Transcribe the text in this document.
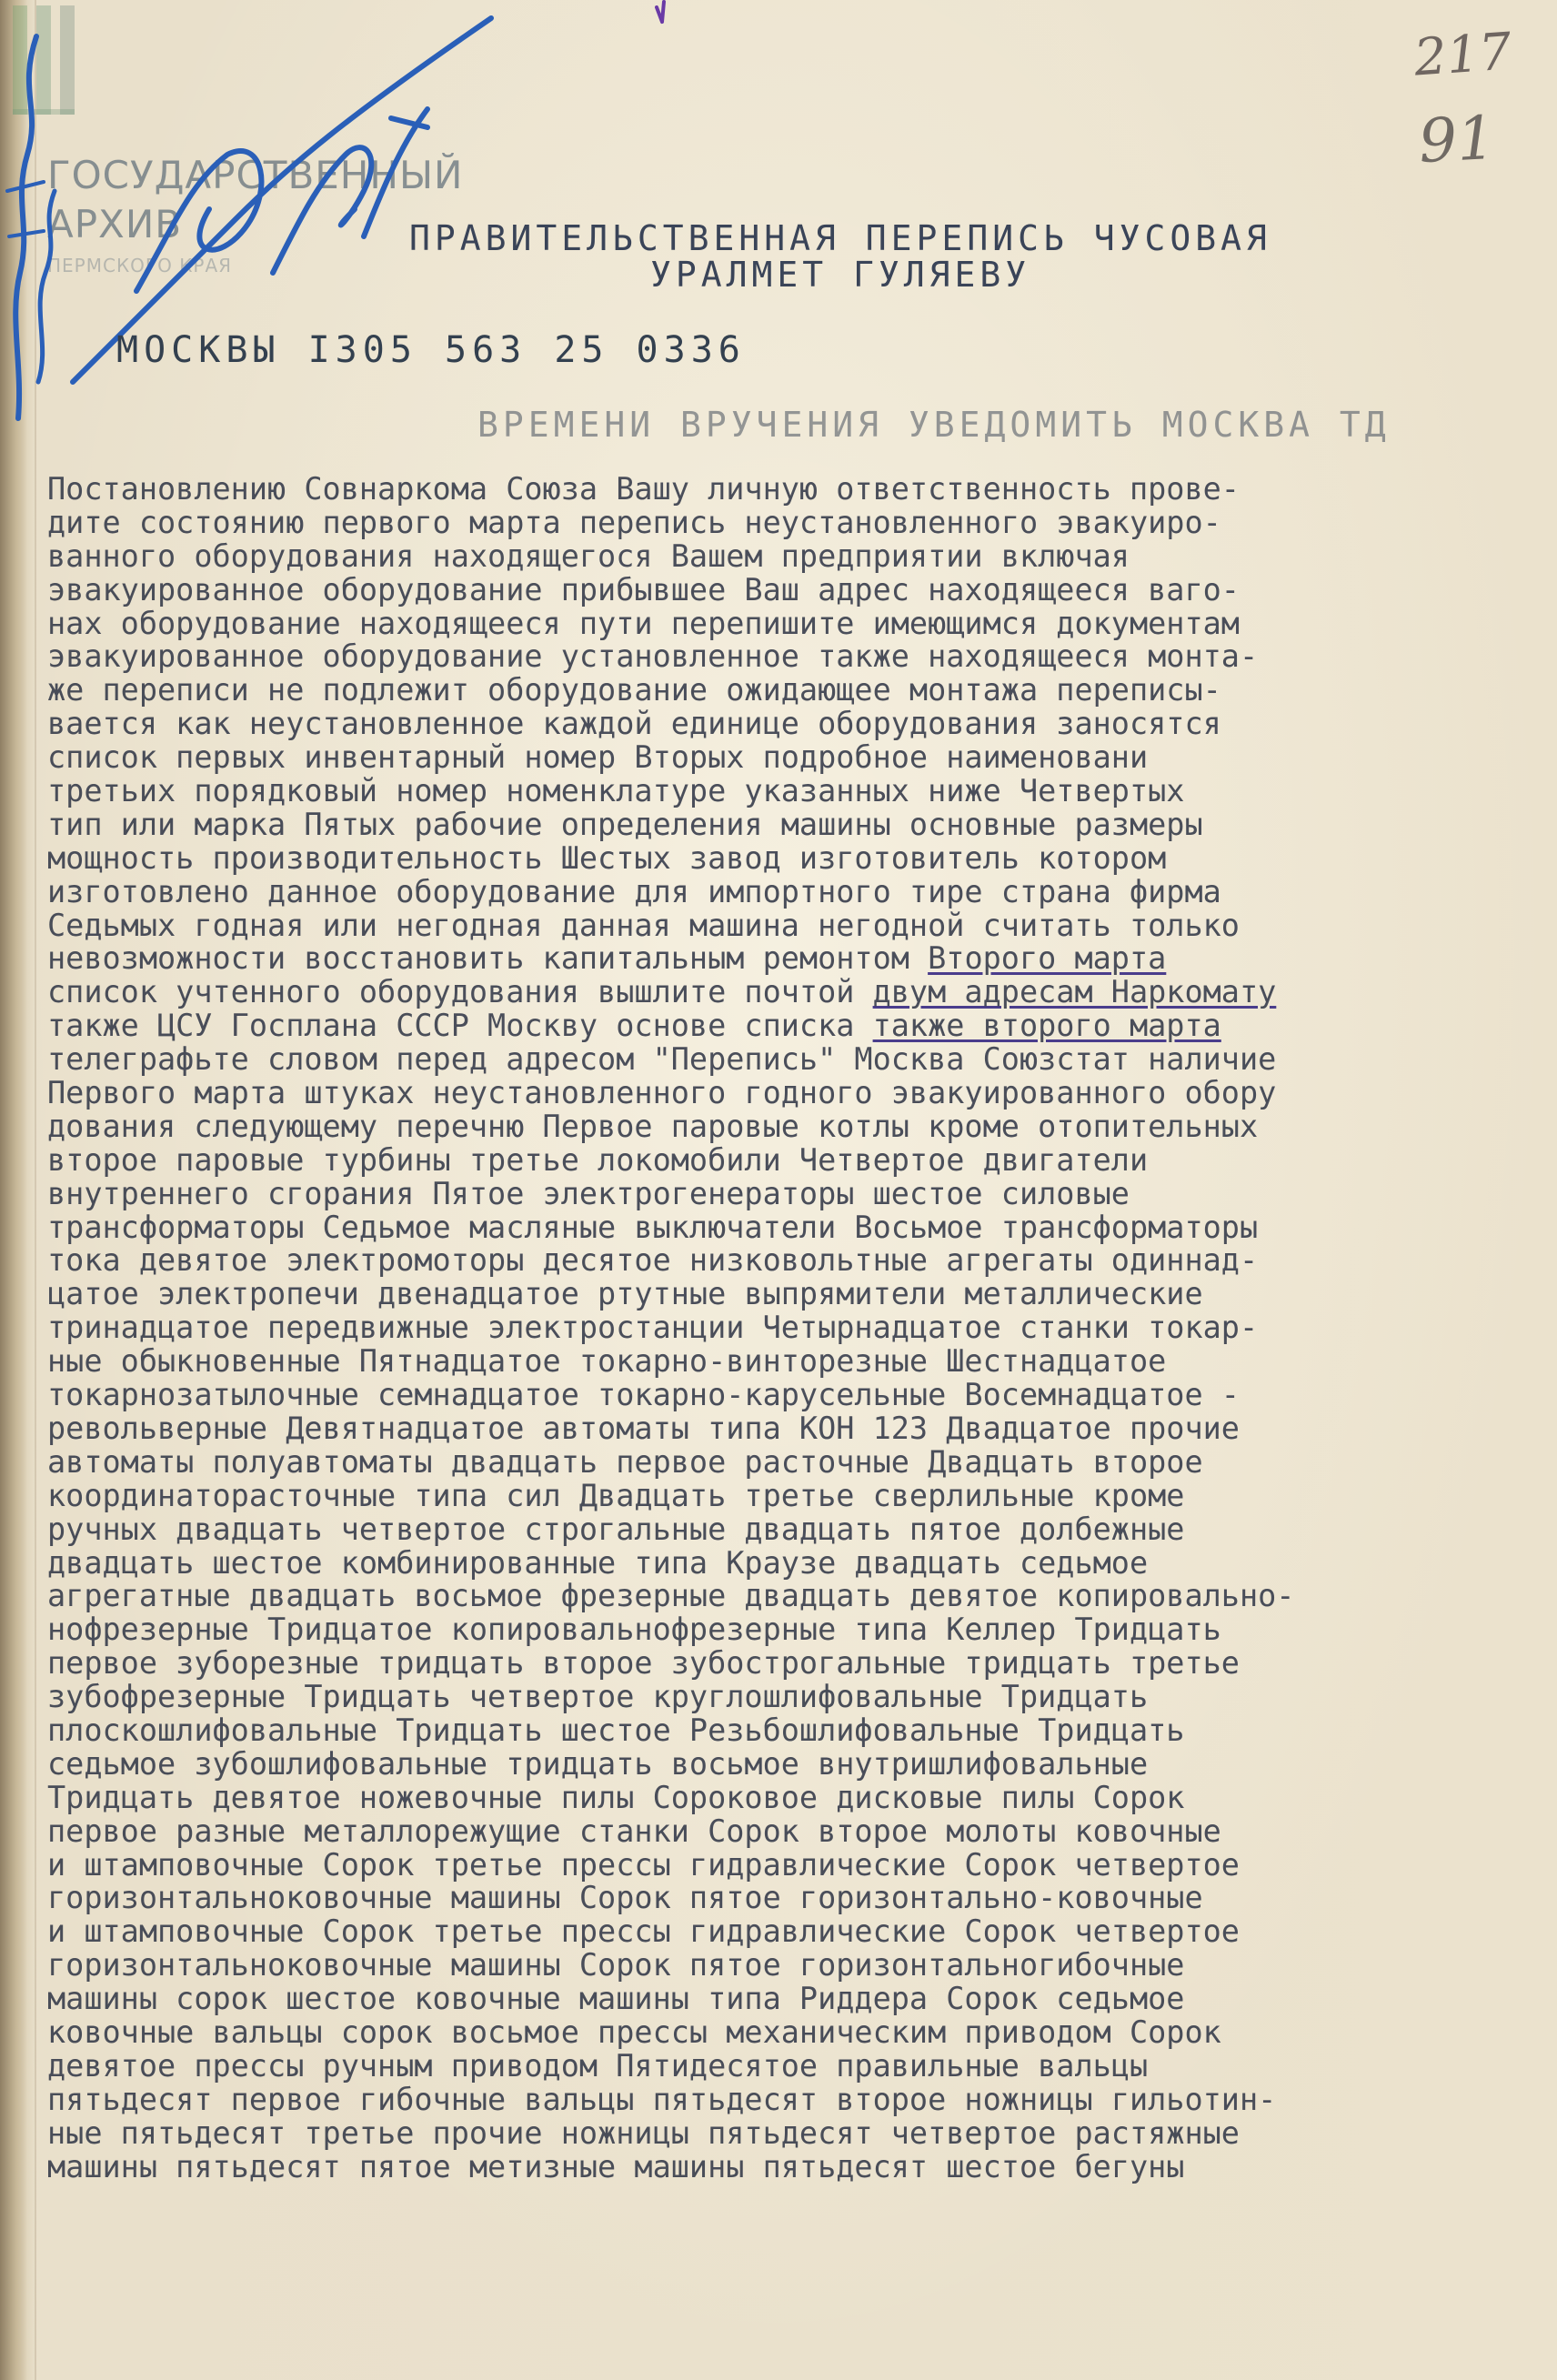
ГОСУДАРСТВЕННЫЙ
АРХИВ
ПЕРМСКОГО КРАЯ
217
91
ПРАВИТЕЛЬСТВЕННАЯ ПЕРЕПИСЬ ЧУСОВАЯ
УРАЛМЕТ ГУЛЯЕВУ
МОСКВЫ I305 563 25 0336
ВРЕМЕНИ ВРУЧЕНИЯ УВЕДОМИТЬ МОСКВА ТД
Постановлению Совнаркома Союза Вашу личную ответственность прове-
дите состоянию первого марта перепись неустановленного эвакуиро-
ванного оборудования находящегося Вашем предприятии включая
эвакуированное оборудование прибывшее Ваш адрес находящееся ваго-
нах оборудование находящееся пути перепишите имеющимся документам
эвакуированное оборудование установленное также находящееся монта-
же переписи не подлежит оборудование ожидающее монтажа переписы-
вается как неустановленное каждой единице оборудования заносятся
список первых инвентарный номер Вторых подробное наименовани
третьих порядковый номер номенклатуре указанных ниже Четвертых
тип или марка Пятых рабочие определения машины основные размеры
мощность производительность Шестых завод изготовитель котором
изготовлено данное оборудование для импортного тире страна фирма
Седьмых годная или негодная данная машина негодной считать только
невозможности восстановить капитальным ремонтом Второго марта
список учтенного оборудования вышлите почтой двум адресам Наркомату
также ЦСУ Госплана СССР Москву основе списка также второго марта
телеграфьте словом перед адресом "Перепись" Москва Союзстат наличие
Первого марта штуках неустановленного годного эвакуированного обору
дования следующему перечню Первое паровые котлы кроме отопительных
второе паровые турбины третье локомобили Четвертое двигатели
внутреннего сгорания Пятое электрогенераторы шестое силовые
трансформаторы Седьмое масляные выключатели Восьмое трансформаторы
тока девятое электромоторы десятое низковольтные агрегаты одиннад-
цатое электропечи двенадцатое ртутные выпрямители металлические
тринадцатое передвижные электростанции Четырнадцатое станки токар-
ные обыкновенные Пятнадцатое токарно-винторезные Шестнадцатое
токарнозатылочные семнадцатое токарно-карусельные Восемнадцатое -
револьверные Девятнадцатое автоматы типа КОН 123 Двадцатое прочие
автоматы полуавтоматы двадцать первое расточные Двадцать второе
координаторасточные типа сил Двадцать третье сверлильные кроме
ручных двадцать четвертое строгальные двадцать пятое долбежные
двадцать шестое комбинированные типа Краузе двадцать седьмое
агрегатные двадцать восьмое фрезерные двадцать девятое копировально-
нофрезерные Тридцатое копировальнофрезерные типа Келлер Тридцать
первое зуборезные тридцать второе зубострогальные тридцать третье
зубофрезерные Тридцать четвертое круглошлифовальные Тридцать
плоскошлифовальные Тридцать шестое Резьбошлифовальные Тридцать
седьмое зубошлифовальные тридцать восьмое внутришлифовальные
Тридцать девятое ножевочные пилы Сороковое дисковые пилы Сорок
первое разные металлорежущие станки Сорок второе молоты ковочные
и штамповочные Сорок третье прессы гидравлические Сорок четвертое
горизонтальноковочные машины Сорок пятое горизонтально-ковочные
и штамповочные Сорок третье прессы гидравлические Сорок четвертое
горизонтальноковочные машины Сорок пятое горизонтальногибочные
машины сорок шестое ковочные машины типа Риддера Сорок седьмое
ковочные вальцы сорок восьмое прессы механическим приводом Сорок
девятое прессы ручным приводом Пятидесятое правильные вальцы
пятьдесят первое гибочные вальцы пятьдесят второе ножницы гильотин-
ные пятьдесят третье прочие ножницы пятьдесят четвертое растяжные
машины пятьдесят пятое метизные машины пятьдесят шестое бегуны
